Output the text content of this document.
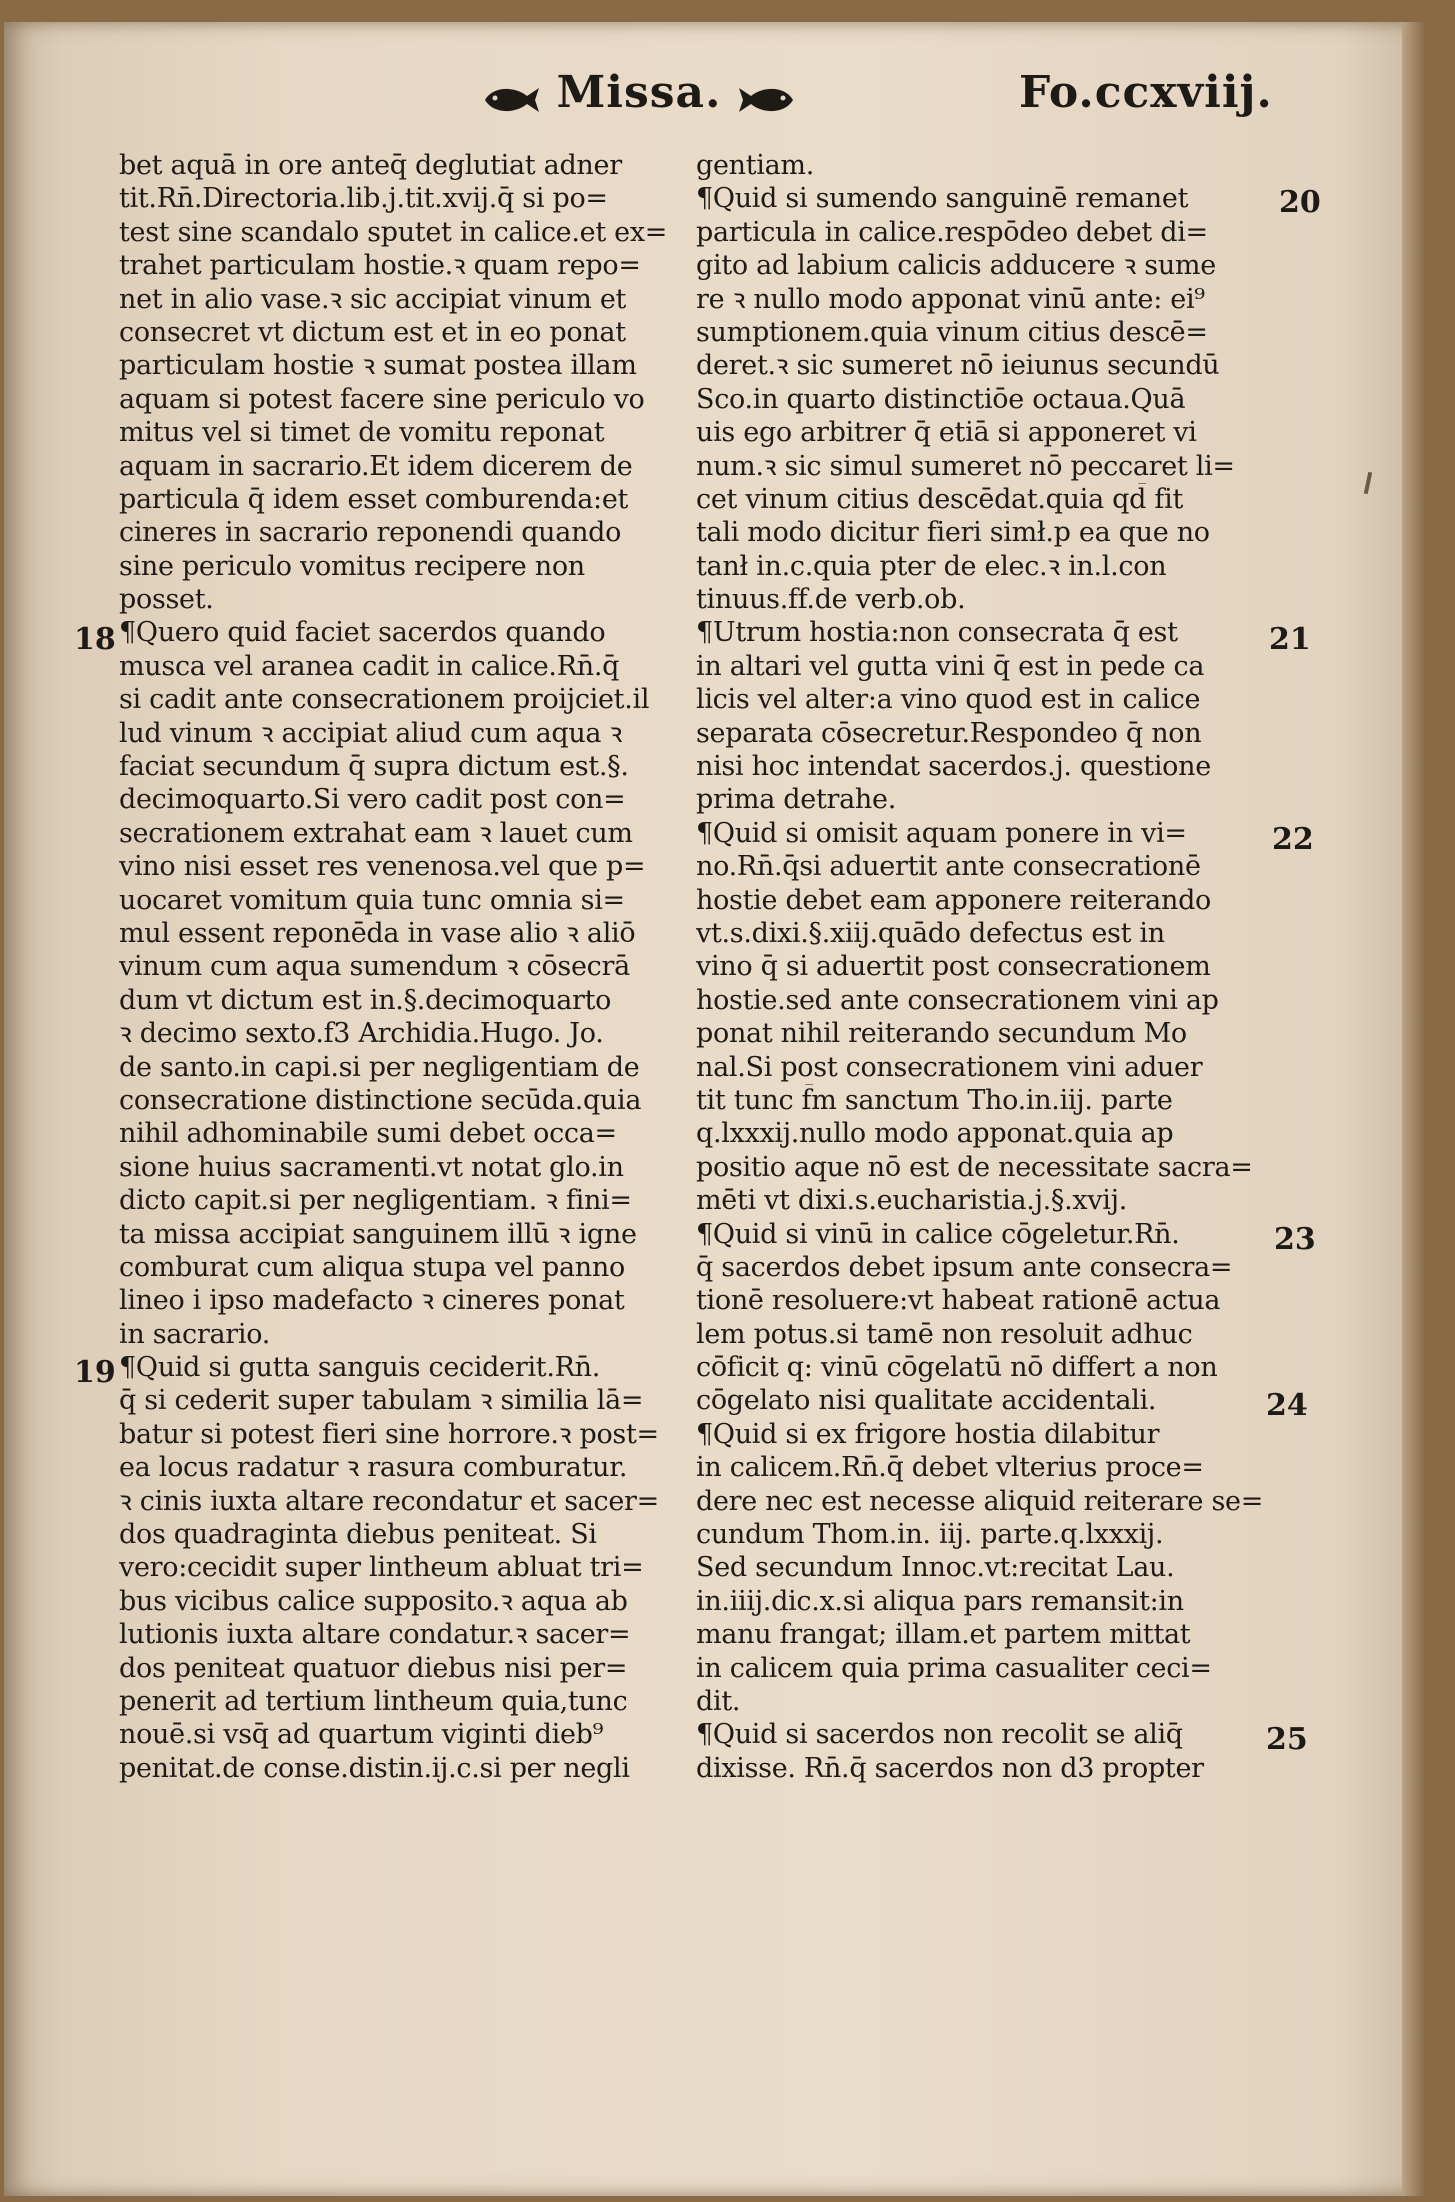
Missa.	Fo.ccxviij.
bet aquā in ore anteq̄ deglutiat adner
tit.Rn̄.Directoria.lib.j.tit.xvij.q̄ si po=
test sine scandalo sputet in calice.et ex=
trahet particulam hostie.ꝛ quam repo=
net in alio vase.ꝛ sic accipiat vinum et
consecret vt dictum est et in eo ponat
particulam hostie ꝛ sumat postea illam
aquam si potest facere sine periculo vo
mitus vel si timet de vomitu reponat
aquam in sacrario.Et idem dicerem de
particula q̄ idem esset comburenda:et
cineres in sacrario reponendi quando
sine periculo vomitus recipere non
posset.
¶Quero quid faciet sacerdos quando
musca vel aranea cadit in calice.Rn̄.q̄
si cadit ante consecrationem proijciet.il
lud vinum ꝛ accipiat aliud cum aqua ꝛ
faciat secundum q̄ supra dictum est.§.
decimoquarto.Si vero cadit post con=
secrationem extrahat eam ꝛ lauet cum
vino nisi esset res venenosa.vel que p=
uocaret vomitum quia tunc omnia si=
mul essent reponēda in vase alio ꝛ aliō
vinum cum aqua sumendum ꝛ cōsecrā
dum vt dictum est in.§.decimoquarto
ꝛ decimo sexto.f3 Archidia.Hugo. Jo.
de santo.in capi.si per negligentiam de
consecratione distinctione secūda.quia
nihil adhominabile sumi debet occa=
sione huius sacramenti.vt notat glo.in
dicto capit.si per negligentiam. ꝛ fini=
ta missa accipiat sanguinem illū ꝛ igne
comburat cum aliqua stupa vel panno
lineo i ipso madefacto ꝛ cineres ponat
in sacrario.
¶Quid si gutta sanguis ceciderit.Rn̄.
q̄ si cederit super tabulam ꝛ similia lā=
batur si potest fieri sine horrore.ꝛ post=
ea locus radatur ꝛ rasura comburatur.
ꝛ cinis iuxta altare recondatur et sacer=
dos quadraginta diebus peniteat. Si
vero:cecidit super lintheum abluat tri=
bus vicibus calice supposito.ꝛ aqua ab
lutionis iuxta altare condatur.ꝛ sacer=
dos peniteat quatuor diebus nisi per=
penerit ad tertium lintheum quia,tunc
nouē.si vsq̄ ad quartum viginti dieb⁹
penitat.de conse.distin.ij.c.si per negli
gentiam.
¶Quid si sumendo sanguinē remanet
particula in calice.respōdeo debet di=
gito ad labium calicis adducere ꝛ sume
re ꝛ nullo modo apponat vinū ante: ei⁹
sumptionem.quia vinum citius descē=
deret.ꝛ sic sumeret nō ieiunus secundū
Sco.in quarto distinctiōe octaua.Quā
uis ego arbitrer q̄ etiā si apponeret vi
num.ꝛ sic simul sumeret nō peccaret li=
cet vinum citius descēdat.quia qd̄ fit
tali modo dicitur fieri simł.p ea que no
tanł in.c.quia pter de elec.ꝛ in.l.con
tinuus.ff.de verb.ob.
¶Utrum hostia:non consecrata q̄ est
in altari vel gutta vini q̄ est in pede ca
licis vel alter:a vino quod est in calice
separata cōsecretur.Respondeo q̄ non
nisi hoc intendat sacerdos.j. questione
prima detrahe.
¶Quid si omisit aquam ponere in vi=
no.Rn̄.q̄si aduertit ante consecrationē
hostie debet eam apponere reiterando
vt.s.dixi.§.xiij.quādo defectus est in
vino q̄ si aduertit post consecrationem
hostie.sed ante consecrationem vini ap
ponat nihil reiterando secundum Mo
nal.Si post consecrationem vini aduer
tit tunc f̄m sanctum Tho.in.iij. parte
q.lxxxij.nullo modo apponat.quia ap
positio aque nō est de necessitate sacra=
mēti vt dixi.s.eucharistia.j.§.xvij.
¶Quid si vinū in calice cōgeletur.Rn̄.
q̄ sacerdos debet ipsum ante consecra=
tionē resoluere:vt habeat rationē actua
lem potus.si tamē non resoluit adhuc
cōficit q: vinū cōgelatū nō differt a non
cōgelato nisi qualitate accidentali.
¶Quid si ex frigore hostia dilabitur
in calicem.Rn̄.q̄ debet vlterius proce=
dere nec est necesse aliquid reiterare se=
cundum Thom.in. iij. parte.q.lxxxij.
Sed secundum Innoc.vt:recitat Lau.
in.iiij.dic.x.si aliqua pars remansit:in
manu frangat; illam.et partem mittat
in calicem quia prima casualiter ceci=
dit.
¶Quid si sacerdos non recolit se aliq̄
dixisse. Rn̄.q̄ sacerdos non d3 propter
18
19
20
21
22
23
24
25
